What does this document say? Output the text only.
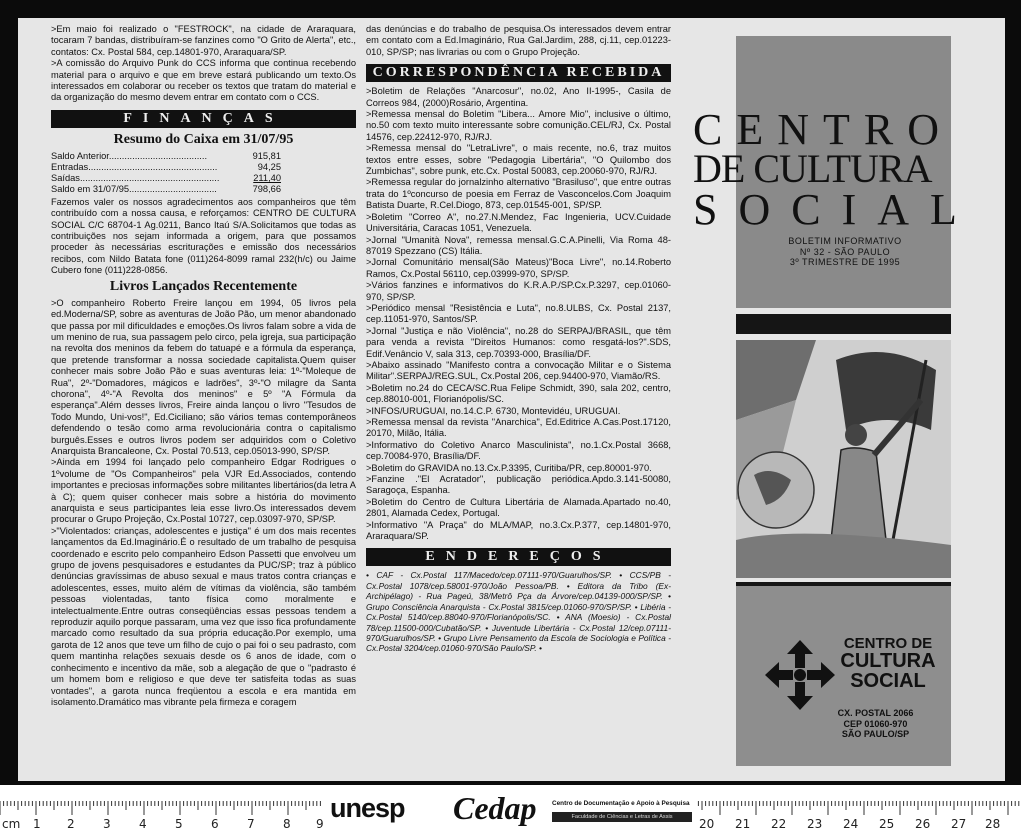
>Em maio foi realizado o "FESTROCK", na cidade de Araraquara, tocaram 7 bandas, distribuíram-se fanzines como "O Grito de Alerta", etc., contatos: Cx. Postal 584, cep.14801-970, Araraquara/SP.

>A comissão do Arquivo Punk do CCS informa que continua recebendo material para o arquivo e que em breve estará publicando um texto.Os interessados em colaborar ou receber os textos que tratam do material e da organização do mesmo devem entrar em contato com o CCS.

FINANÇAS
Resumo do Caixa em 31/07/95
Saldo Anterior......................................	915,81
Entradas..................................................	94,25
Saídas......................................................	211,40
Saldo em 31/07/95..................................	798,66

Fazemos valer os nossos agradecimentos aos companheiros que têm contribuído com a nossa causa, e reforçamos: CENTRO DE CULTURA SOCIAL C/C 68704-1 Ag.0211, Banco Itaú S/A.Solicitamos que todas as contribuições nos sejam informada a origem, para que possamos proceder às necessárias escriturações e emissão dos necessários recibos, com Nildo Batata fone (011)264-8099 ramal 232(h/c) ou Jaime Cubero fone (011)228-0856.

Livros Lançados Recentemente

>O companheiro Roberto Freire lançou em 1994, 05 livros pela ed.Moderna/SP, sobre as aventuras de João Pão, um menor abandonado que passa por mil dificuldades e emoções.Os livros falam sobre a vida de um menino de rua, sua passagem pelo circo, pela igreja, sua participação na revolta dos meninos da febem do tatuapé e a fórmula da esperança, que pretende transformar a nossa sociedade capitalista.Quem quiser conhecer mais sobre João Pão e suas aventuras leia: 1º-"Moleque de Rua", 2º-"Domadores, mágicos e ladrões", 3º-"O milagre da Santa chorona", 4º-"A Revolta dos meninos" e 5º "A Fórmula da esperança".Além desses livros, Freire ainda lançou o livro "Tesudos de Todo Mundo, Uni-vos!", Ed.Ciciliano; são vários temas contemporâneos defendendo o tesão como arma revolucionária contra o capitalismo burguês.Esses e outros livros podem ser adquiridos com o Coletivo Anarquista Brancaleone, Cx. Postal 70.513, cep.05013-990, SP/SP.

>Ainda em 1994 foi lançado pelo companheiro Edgar Rodrigues o 1ºvolume de "Os Companheiros" pela VJR Ed.Associados, contendo importantes e preciosas informações sobre militantes libertários(da letra A à C); quem quiser conhecer mais sobre a história do movimento anarquista e seus participantes leia esse livro.Os interessados devem procurar o Grupo Projeção, Cx.Postal 10727, cep.03097-970, SP/SP.

>"Violentados: crianças, adolescentes e justiça" é um dos mais recentes lançamentos da Ed.Imaginário.É o resultado de um trabalho de pesquisa coordenado e escrito pelo companheiro Edson Passetti que envolveu um grupo de jovens pesquisadores e estudantes da PUC/SP; traz à público denúncias gravíssimas de abuso sexual e maus tratos contra crianças e adolescentes, esses, muito além de vítimas da violência, são também pessoas violentadas, tanto física como moralmente e intelectualmente.Entre outras conseqüências essas pessoas tendem a reproduzir aquilo porque passaram, uma vez que isso fica profundamente marcado como resultado da sua própria educação.Por exemplo, uma garota de 12 anos que teve um filho de cujo o pai foi o seu padrasto, com quem mantinha relações sexuais desde os 6 anos de idade, com o conhecimento e incentivo da mãe, sob a alegação de que o "padrasto é um homem bom e religioso e que deve ter satisfeita todas as suas vontades", a garota nunca freqüentou a escola e era mantida em isolamento.Dramático mas vibrante pela firmeza e coragem

das denúncias e do trabalho de pesquisa.Os interessados devem entrar em contato com a Ed.Imaginário, Rua Gal.Jardim, 288, cj.11, cep.01223-010, SP/SP; nas livrarias ou com o Grupo Projeção.

CORRESPONDÊNCIA RECEBIDA

>Boletim de Relações "Anarcosur", no.02, Ano II-1995-, Casila de Correos 984, (2000)Rosário, Argentina.

>Remessa mensal do Boletim "Libera... Amore Mio", inclusive o último, no.50 com texto muito interessante sobre comunição.CEL/RJ, Cx. Postal 14576, cep.22412-970, RJ/RJ.

>Remessa mensal do "LetraLivre", o mais recente, no.6, traz muitos textos entre esses, sobre "Pedagogia Libertária", "O Quilombo dos Zumbichas", sobre punk, etc.Cx. Postal 50083, cep.20060-970, RJ/RJ.

>Remessa regular do jornalzinho alternativo "Brasiluso", que entre outras trata do 1ºconcurso de poesia em Ferraz de Vasconcelos.Com Joaquim Batista Duarte, R.Cel.Diogo, 873, cep.01545-001, SP/SP.

>Boletim "Correo A", no.27.N.Mendez, Fac Ingenieria, UCV.Cuidade Universitária, Caracas 1051, Venezuela.

>Jornal "Umanità Nova", remessa mensal.G.C.A.Pinelli, Via Roma 48-87019 Spezzano (CS) Itália.

>Jornal Comunitário mensal(São Mateus)"Boca Livre", no.14.Roberto Ramos, Cx.Postal 56110, cep.03999-970, SP/SP.

>Vários fanzines e informativos do K.R.A.P./SP.Cx.P.3297, cep.01060-970, SP/SP.

>Periódico mensal "Resistência e Luta", no.8.ULBS, Cx. Postal 2137, cep.11051-970, Santos/SP.

>Jornal "Justiça e não Violência", no.28 do SERPAJ/BRASIL, que têm para venda a revista "Direitos Humanos: como resgatá-los?".SDS, Edif.Venâncio V, sala 313, cep.70393-000, Brasília/DF.

>Abaixo assinado "Manifesto contra a convocação Militar e o Sistema Militar".SERPAJ/REG.SUL, Cx.Postal 206, cep.94400-970, Viamão/RS.

>Boletim no.24 do CECA/SC.Rua Felipe Schmidt, 390, sala 202, centro, cep.88010-001, Florianópolis/SC.

>INFOS/URUGUAI, no.14.C.P. 6730, Montevidéu, URUGUAI.

>Remessa mensal da revista "Anarchica", Ed.Editrice A.Cas.Post.17120, 20170, Milão, Itália.

>Informativo do Coletivo Anarco Masculinista", no.1.Cx.Postal 3668, cep.70084-970, Brasília/DF.

>Boletim do GRAVIDA no.13.Cx.P.3395, Curitiba/PR, cep.80001-970.

>Fanzine ."El Acratador", publicação periódica.Apdo.3.141-50080, Saragoça, Espanha.

>Boletim do Centro de Cultura Libertária de Alamada.Apartado no.40, 2801, Alamada Cedex, Portugal.

>Informativo "A Praça" do MLA/MAP, no.3.Cx.P.377, cep.14801-970, Araraquara/SP.

ENDEREÇOS

• CAF - Cx.Postal 117/Macedo/cep.07111-970/Guarulhos/SP. • CCS/PB - Cx.Postal 1078/cep.58001-970/João Pessoa/PB. • Editora da Tribo (Ex-Archipélago) - Rua Pageú, 38/Metrô Pça da Árvore/cep.04139-000/SP/SP. • Grupo Consciência Anarquista - Cx.Postal 3815/cep.01060-970/SP/SP. • Libéria - Cx.Postal 5140/cep.88040-970/Florianópolis/SC. • ANA (Moesio) - Cx.Postal 78/cep.11500-000/Cubatão/SP. • Juventude Libertária - Cx.Postal 12/cep.07111-970/Guarulhos/SP. • Grupo Livre Pensamento da Escola de Sociologia e Política - Cx.Postal 3204/cep.01060-970/São Paulo/SP. •

CENTRO
DE CULTURA
SOCIAL
BOLETIM INFORMATIVO
Nº 32 - SÃO PAULO
3º TRIMESTRE DE 1995
CENTRO DE
CULTURA
SOCIAL
CX. POSTAL 2066
CEP 01060-970
SÃO PAULO/SP
cm 1 2 3 4 5 6 7 8 9
unesp Cedap Centro de Documentação e Apoio à Pesquisa
Faculdade de Ciências e Letras de Assis	20 21 22 23 24 25 26 27 28
